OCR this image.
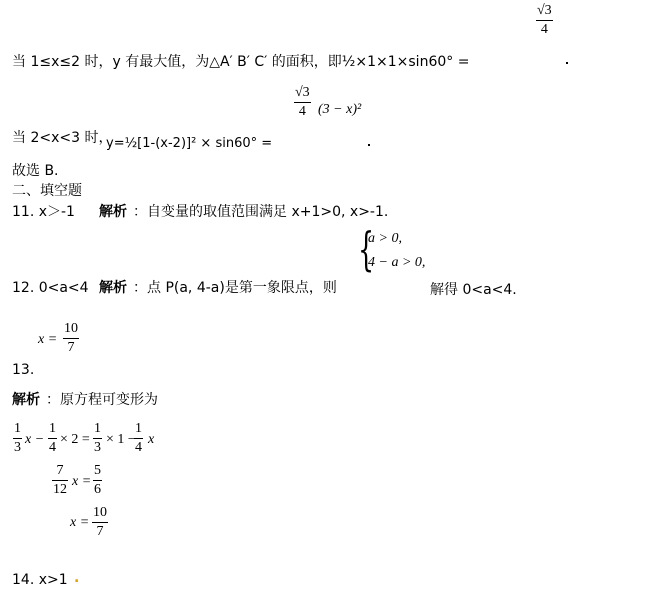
√3
4
当 1≤x≤2 时，y 有最大值，为△A′ B′ C′ 的面积，即½×1×1×sin60° =
√3
4 (3 − x)²
当 2<x<3 时，
y=½[1-(x-2)]² × sin60° =
故选 B.
二、填空题
11. x＞-1 解析 ：自变量的取值范围满足 x+1>0, x>-1.
{
a > 0,
4 − a > 0,
12. 0<a<4 解析 ：点 P(a, 4-a)是第一象限点，则	解得 0<a<4.
x =
10
7
13.
解析 ：原方程可变形为
1
3
x −
1
4
× 2 =
1
3
× 1 −
1
4
x
7
12
x =
5
6
x =
10
7
14. x>1 .
